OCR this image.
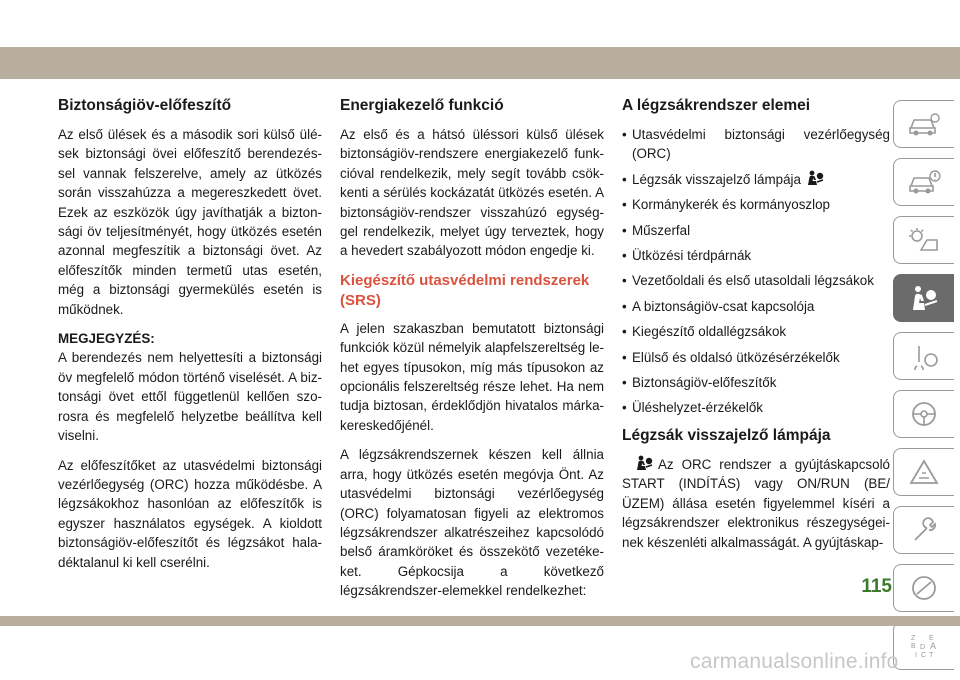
Biztonságiöv-előfeszítő

Az első ülések és a második sori külső ülések biztonsági övei előfeszítő berendezéssel vannak felszerelve, amely az ütközés során visszahúzza a megereszkedett övet. Ezek az eszközök úgy javíthatják a biztonsági öv teljesítményét, hogy ütközés esetén azonnal megfeszítik a biztonsági övet. Az előfeszítők minden termetű utas esetén, még a biztonsági gyermekülés esetén is működnek.

MEGJEGYZÉS:

A berendezés nem helyettesíti a biztonsági öv megfelelő módon történő viselését. A biztonsági övet ettől függetlenül kellően szorosra és megfelelő helyzetbe beállítva kell viselni.

Az előfeszítőket az utasvédelmi biztonsági vezérlőegység (ORC) hozza működésbe. A légzsákokhoz hasonlóan az előfeszítők is egyszer használatos egységek. A kioldott biztonságiöv-előfeszítőt és légzsákot haladéktalanul ki kell cserélni.

Energiakezelő funkció

Az első és a hátsó üléssori külső ülések biztonságiöv-rendszere energiakezelő funkcióval rendelkezik, mely segít tovább csökkenti a sérülés kockázatát ütközés esetén. A biztonságiöv-rendszer visszahúzó egységgel rendelkezik, melyet úgy terveztek, hogy a hevedert szabályozott módon engedje ki.

Kiegészítő utasvédelmi rendszerek (SRS)

A jelen szakaszban bemutatott biztonsági funkciók közül némelyik alapfelszereltség lehet egyes típusokon, míg más típusokon az opcionális felszereltség része lehet. Ha nem tudja biztosan, érdeklődjön hivatalos márkakereskedőjénél.

A légzsákrendszernek készen kell állnia arra, hogy ütközés esetén megóvja Önt. Az utasvédelmi biztonsági vezérlőegység (ORC) folyamatosan figyeli az elektromos légzsákrendszer alkatrészeihez kapcsolódó belső áramköröket és összekötő vezetékeket. Gépkocsija a következő légzsákrendszer-elemekkel rendelkezhet:

A légzsákrendszer elemei
• Utasvédelmi biztonsági vezérlőegység (ORC)
• Légzsák visszajelző lámpája
• Kormánykerék és kormányoszlop
• Műszerfal
• Ütközési térdpárnák
• Vezetőoldali és első utasoldali légzsákok
• A biztonságiöv-csat kapcsolója
• Kiegészítő oldallégzsákok
• Elülső és oldalsó ütközésérzékelők
• Biztonságiöv-előfeszítők
• Üléshelyzet-érzékelők
Légzsák visszajelző lámpája

Az ORC rendszer a gyújtáskapcsoló START (INDÍTÁS) vagy ON/RUN (BE/ ÜZEM) állása esetén figyelemmel kíséri a légzsákrendszer elektronikus részegységeinek készenléti alkalmasságát. A gyújtáskap-

Z E
B D A
I C T
115
carmanualsonline.info
